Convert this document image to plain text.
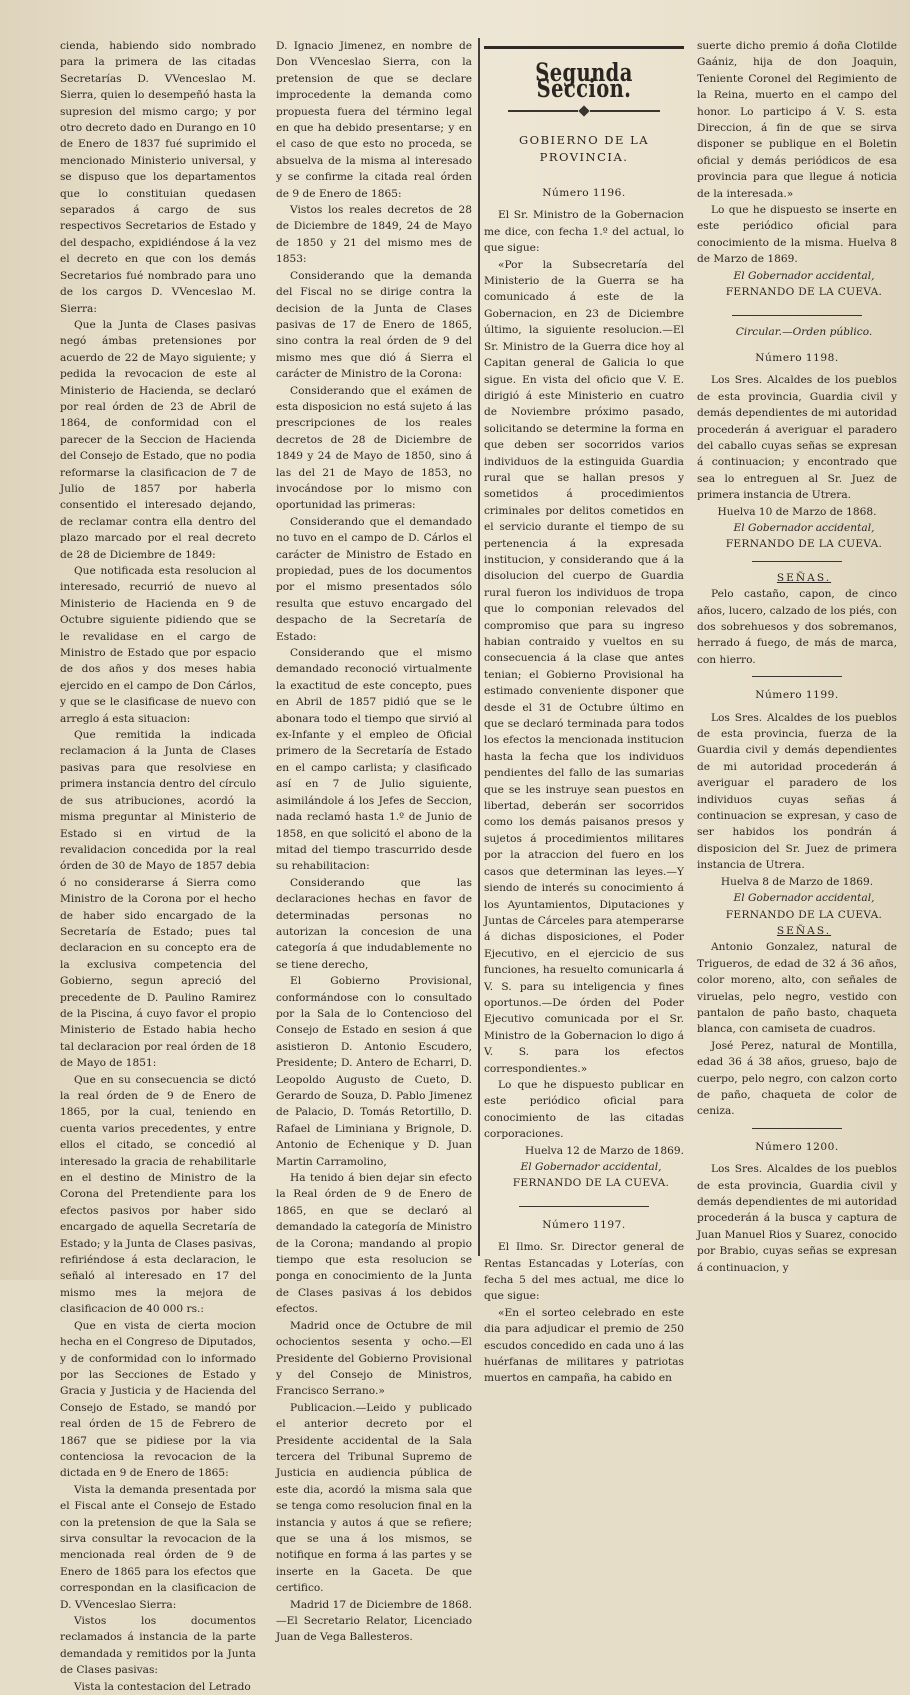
cienda, habiendo sido nombrado para la primera de las citadas Secretarías D. VVenceslao M. Sierra, quien lo desempeñó hasta la supresion del mismo cargo; y por otro decreto dado en Durango en 10 de Enero de 1837 fué suprimido el mencionado Ministerio universal, y se dispuso que los departamentos que lo constituian quedasen separados á cargo de sus respectivos Secretarios de Estado y del despacho, expidiéndose á la vez el decreto en que con los demás Secretarios fué nombrado para uno de los cargos D. VVenceslao M. Sierra:

Que la Junta de Clases pasivas negó ámbas pretensiones por acuerdo de 22 de Mayo siguiente; y pedida la revocacion de este al Ministerio de Hacienda, se declaró por real órden de 23 de Abril de 1864, de conformidad con el parecer de la Seccion de Hacienda del Consejo de Estado, que no podia reformarse la clasificacion de 7 de Julio de 1857 por haberla consentido el interesado dejando, de reclamar contra ella dentro del plazo marcado por el real decreto de 28 de Diciembre de 1849:

Que notificada esta resolucion al interesado, recurrió de nuevo al Ministerio de Hacienda en 9 de Octubre siguiente pidiendo que se le revalidase en el cargo de Ministro de Estado que por espacio de dos años y dos meses habia ejercido en el campo de Don Cárlos, y que se le clasificase de nuevo con arreglo á esta situacion:

Que remitida la indicada reclamacion á la Junta de Clases pasivas para que resolviese en primera instancia dentro del círculo de sus atribuciones, acordó la misma preguntar al Ministerio de Estado si en virtud de la revalidacion concedida por la real órden de 30 de Mayo de 1857 debia ó no considerarse á Sierra como Ministro de la Corona por el hecho de haber sido encargado de la Secretaría de Estado; pues tal declaracion en su concepto era de la exclusiva competencia del Gobierno, segun apreció del precedente de D. Paulino Ramirez de la Piscina, á cuyo favor el propio Ministerio de Estado habia hecho tal declaracion por real órden de 18 de Mayo de 1851:

Que en su consecuencia se dictó la real órden de 9 de Enero de 1865, por la cual, teniendo en cuenta varios precedentes, y entre ellos el citado, se concedió al interesado la gracia de rehabilitarle en el destino de Ministro de la Corona del Pretendiente para los efectos pasivos por haber sido encargado de aquella Secretaría de Estado; y la Junta de Clases pasivas, refiriéndose á esta declaracion, le señaló al interesado en 17 del mismo mes la mejora de clasificacion de 40 000 rs.:

Que en vista de cierta mocion hecha en el Congreso de Diputados, y de conformidad con lo informado por las Secciones de Estado y Gracia y Justicia y de Hacienda del Consejo de Estado, se mandó por real órden de 15 de Febrero de 1867 que se pidiese por la via contenciosa la revocacion de la dictada en 9 de Enero de 1865:

Vista la demanda presentada por el Fiscal ante el Consejo de Estado con la pretension de que la Sala se sirva consultar la revocacion de la mencionada real órden de 9 de Enero de 1865 para los efectos que correspondan en la clasificacion de D. VVenceslao Sierra:

Vistos los documentos reclamados á instancia de la parte demandada y remitidos por la Junta de Clases pasivas:

Vista la contestacion del Letrado

D. Ignacio Jimenez, en nombre de Don VVenceslao Sierra, con la pretension de que se declare improcedente la demanda como propuesta fuera del término legal en que ha debido presentarse; y en el caso de que esto no proceda, se absuelva de la misma al interesado y se confirme la citada real órden de 9 de Enero de 1865:

Vistos los reales decretos de 28 de Diciembre de 1849, 24 de Mayo de 1850 y 21 del mismo mes de 1853:

Considerando que la demanda del Fiscal no se dirige contra la decision de la Junta de Clases pasivas de 17 de Enero de 1865, sino contra la real órden de 9 del mismo mes que dió á Sierra el carácter de Ministro de la Corona:

Considerando que el exámen de esta disposicion no está sujeto á las prescripciones de los reales decretos de 28 de Diciembre de 1849 y 24 de Mayo de 1850, sino á las del 21 de Mayo de 1853, no invocándose por lo mismo con oportunidad las primeras:

Considerando que el demandado no tuvo en el campo de D. Cárlos el carácter de Ministro de Estado en propiedad, pues de los documentos por el mismo presentados sólo resulta que estuvo encargado del despacho de la Secretaría de Estado:

Considerando que el mismo demandado reconoció virtualmente la exactitud de este concepto, pues en Abril de 1857 pidió que se le abonara todo el tiempo que sirvió al ex-Infante y el empleo de Oficial primero de la Secretaría de Estado en el campo carlista; y clasificado así en 7 de Julio siguiente, asimilándole á los Jefes de Seccion, nada reclamó hasta 1.º de Junio de 1858, en que solicitó el abono de la mitad del tiempo trascurrido desde su rehabilitacion:

Considerando que las declaraciones hechas en favor de determinadas personas no autorizan la concesion de una categoría á que indudablemente no se tiene derecho,

El Gobierno Provisional, conformándose con lo consultado por la Sala de lo Contencioso del Consejo de Estado en sesion á que asistieron D. Antonio Escudero, Presidente; D. Antero de Echarri, D. Leopoldo Augusto de Cueto, D. Gerardo de Souza, D. Pablo Jimenez de Palacio, D. Tomás Retortillo, D. Rafael de Liminiana y Brignole, D. Antonio de Echenique y D. Juan Martin Carramolino,

Ha tenido á bien dejar sin efecto la Real órden de 9 de Enero de 1865, en que se declaró al demandado la categoría de Ministro de la Corona; mandando al propio tiempo que esta resolucion se ponga en conocimiento de la Junta de Clases pasivas á los debidos efectos.

Madrid once de Octubre de mil ochocientos sesenta y ocho.—El Presidente del Gobierno Provisional y del Consejo de Ministros, Francisco Serrano.»

Publicacion.—Leido y publicado el anterior decreto por el Presidente accidental de la Sala tercera del Tribunal Supremo de Justicia en audiencia pública de este dia, acordó la misma sala que se tenga como resolucion final en la instancia y autos á que se refiere; que se una á los mismos, se notifique en forma á las partes y se inserte en la Gaceta. De que certifico.

Madrid 17 de Diciembre de 1868. —El Secretario Relator, Licenciado Juan de Vega Ballesteros.

Segunda Seccion.
GOBIERNO DE LA PROVINCIA.
Número 1196.

El Sr. Ministro de la Gobernacion me dice, con fecha 1.º del actual, lo que sigue:

«Por la Subsecretaría del Ministerio de la Guerra se ha comunicado á este de la Gobernacion, en 23 de Diciembre último, la siguiente resolucion.—El Sr. Ministro de la Guerra dice hoy al Capitan general de Galicia lo que sigue. En vista del oficio que V. E. dirigió á este Ministerio en cuatro de Noviembre próximo pasado, solicitando se determine la forma en que deben ser socorridos varios individuos de la estinguida Guardia rural que se hallan presos y sometidos á procedimientos criminales por delitos cometidos en el servicio durante el tiempo de su pertenencia á la expresada institucion, y considerando que á la disolucion del cuerpo de Guardia rural fueron los individuos de tropa que lo componian relevados del compromiso que para su ingreso habian contraido y vueltos en su consecuencia á la clase que antes tenian; el Gobierno Provisional ha estimado conveniente disponer que desde el 31 de Octubre último en que se declaró terminada para todos los efectos la mencionada institucion hasta la fecha que los individuos pendientes del fallo de las sumarias que se les instruye sean puestos en libertad, deberán ser socorridos como los demás paisanos presos y sujetos á procedimientos militares por la atraccion del fuero en los casos que determinan las leyes.—Y siendo de interés su conocimiento á los Ayuntamientos, Diputaciones y Juntas de Cárceles para atemperarse á dichas disposiciones, el Poder Ejecutivo, en el ejercicio de sus funciones, ha resuelto comunicarla á V. S. para su inteligencia y fines oportunos.—De órden del Poder Ejecutivo comunicada por el Sr. Ministro de la Gobernacion lo digo á V. S. para los efectos correspondientes.»

Lo que he dispuesto publicar en este periódico oficial para conocimiento de las citadas corporaciones.

Huelva 12 de Marzo de 1869.

El Gobernador accidental,

FERNANDO DE LA CUEVA.

Número 1197.

El Ilmo. Sr. Director general de Rentas Estancadas y Loterías, con fecha 5 del mes actual, me dice lo que sigue:

«En el sorteo celebrado en este dia para adjudicar el premio de 250 escudos concedido en cada uno á las huérfanas de militares y patriotas muertos en campaña, ha cabido en

suerte dicho premio á doña Clotilde Gaániz, hija de don Joaquin, Teniente Coronel del Regimiento de la Reina, muerto en el campo del honor. Lo participo á V. S. esta Direccion, á fin de que se sirva disponer se publique en el Boletin oficial y demás periódicos de esa provincia para que llegue á noticia de la interesada.»

Lo que he dispuesto se inserte en este periódico oficial para conocimiento de la misma. Huelva 8 de Marzo de 1869.

El Gobernador accidental,

FERNANDO DE LA CUEVA.

Circular.—Orden público.

Número 1198.

Los Sres. Alcaldes de los pueblos de esta provincia, Guardia civil y demás dependientes de mi autoridad procederán á averiguar el paradero del caballo cuyas señas se expresan á continuacion; y encontrado que sea lo entreguen al Sr. Juez de primera instancia de Utrera.

Huelva 10 de Marzo de 1868.

El Gobernador accidental,

FERNANDO DE LA CUEVA.

SEÑAS.

Pelo castaño, capon, de cinco años, lucero, calzado de los piés, con dos sobrehuesos y dos sobremanos, herrado á fuego, de más de marca, con hierro.

Número 1199.

Los Sres. Alcaldes de los pueblos de esta provincia, fuerza de la Guardia civil y demás dependientes de mi autoridad procederán á averiguar el paradero de los individuos cuyas señas á continuacion se expresan, y caso de ser habidos los pondrán á disposicion del Sr. Juez de primera instancia de Utrera.

Huelva 8 de Marzo de 1869.

El Gobernador accidental,

FERNANDO DE LA CUEVA.

SEÑAS.

Antonio Gonzalez, natural de Trigueros, de edad de 32 á 36 años, color moreno, alto, con señales de viruelas, pelo negro, vestido con pantalon de paño basto, chaqueta blanca, con camiseta de cuadros.

José Perez, natural de Montilla, edad 36 á 38 años, grueso, bajo de cuerpo, pelo negro, con calzon corto de paño, chaqueta de color de ceniza.

Número 1200.

Los Sres. Alcaldes de los pueblos de esta provincia, Guardia civil y demás dependientes de mi autoridad procederán á la busca y captura de Juan Manuel Rios y Suarez, conocido por Brabio, cuyas señas se expresan á continuacion, y
